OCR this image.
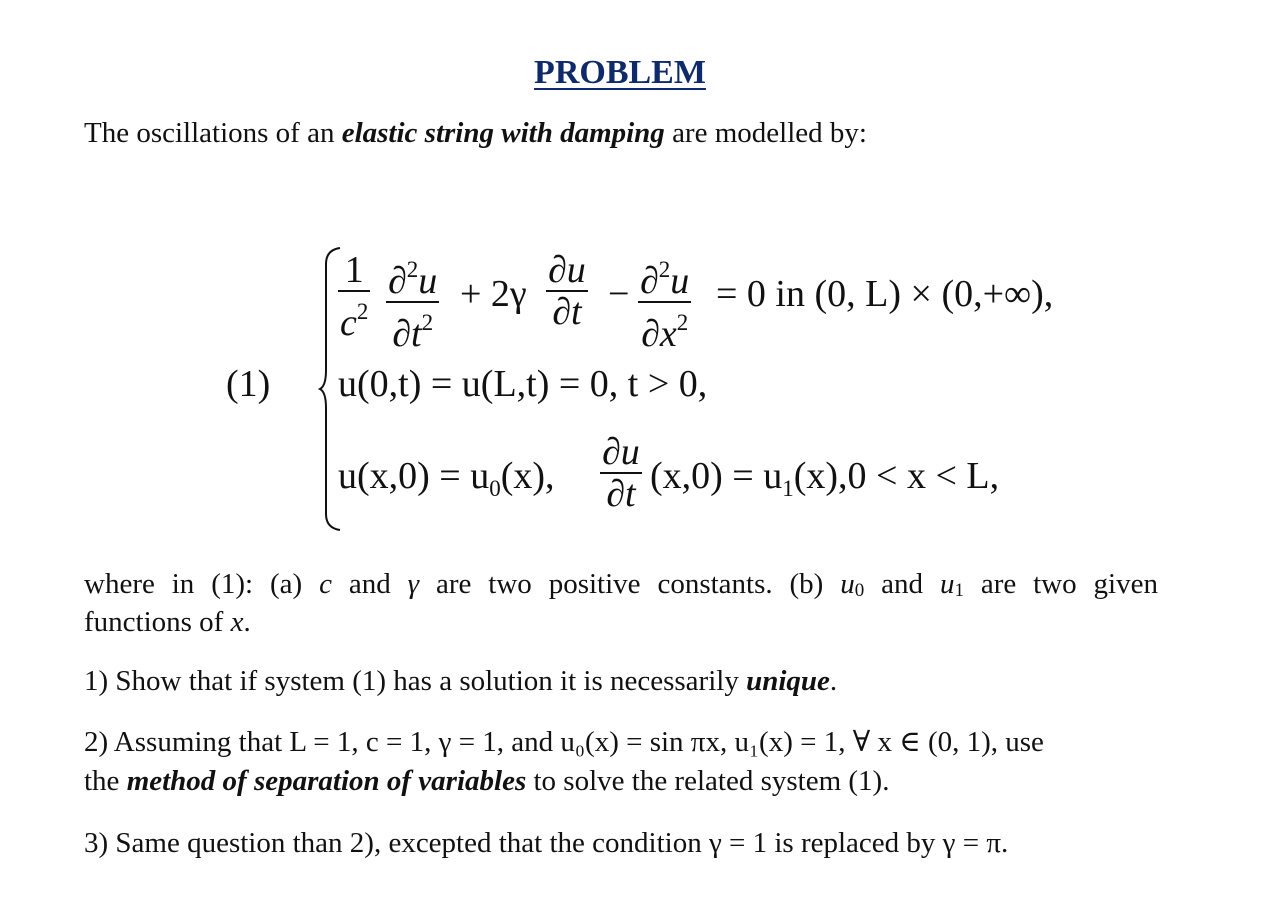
PROBLEM
The oscillations of an elastic string with damping are modelled by:
(1)
$\frac{1}{c^2} \frac{\partial^2u}{\partial t^2} + 2\gamma \frac{\partial u}{\partial t} - \frac{\partial^2u}{\partial x^2} = 0$ in (0, L) × (0,+∞),
u(0,t) = u(L,t) = 0, t > 0,
$u(x,0) = u_0(x)$, $\frac{\partial u}{\partial t} (x,0) = u_1(x),0 < x < L$,
where in (1): (a) c and γ are two positive constants. (b) u0 and u1 are two given
functions of x.
1) Show that if system (1) has a solution it is necessarily unique.
2) Assuming that L = 1, c = 1, γ = 1, and u₀(x) = sin πx, u₁(x) = 1, ∀ x ∈ (0, 1), use
the method of separation of variables to solve the related system (1).
3) Same question than 2), excepted that the condition γ = 1 is replaced by γ = π.
